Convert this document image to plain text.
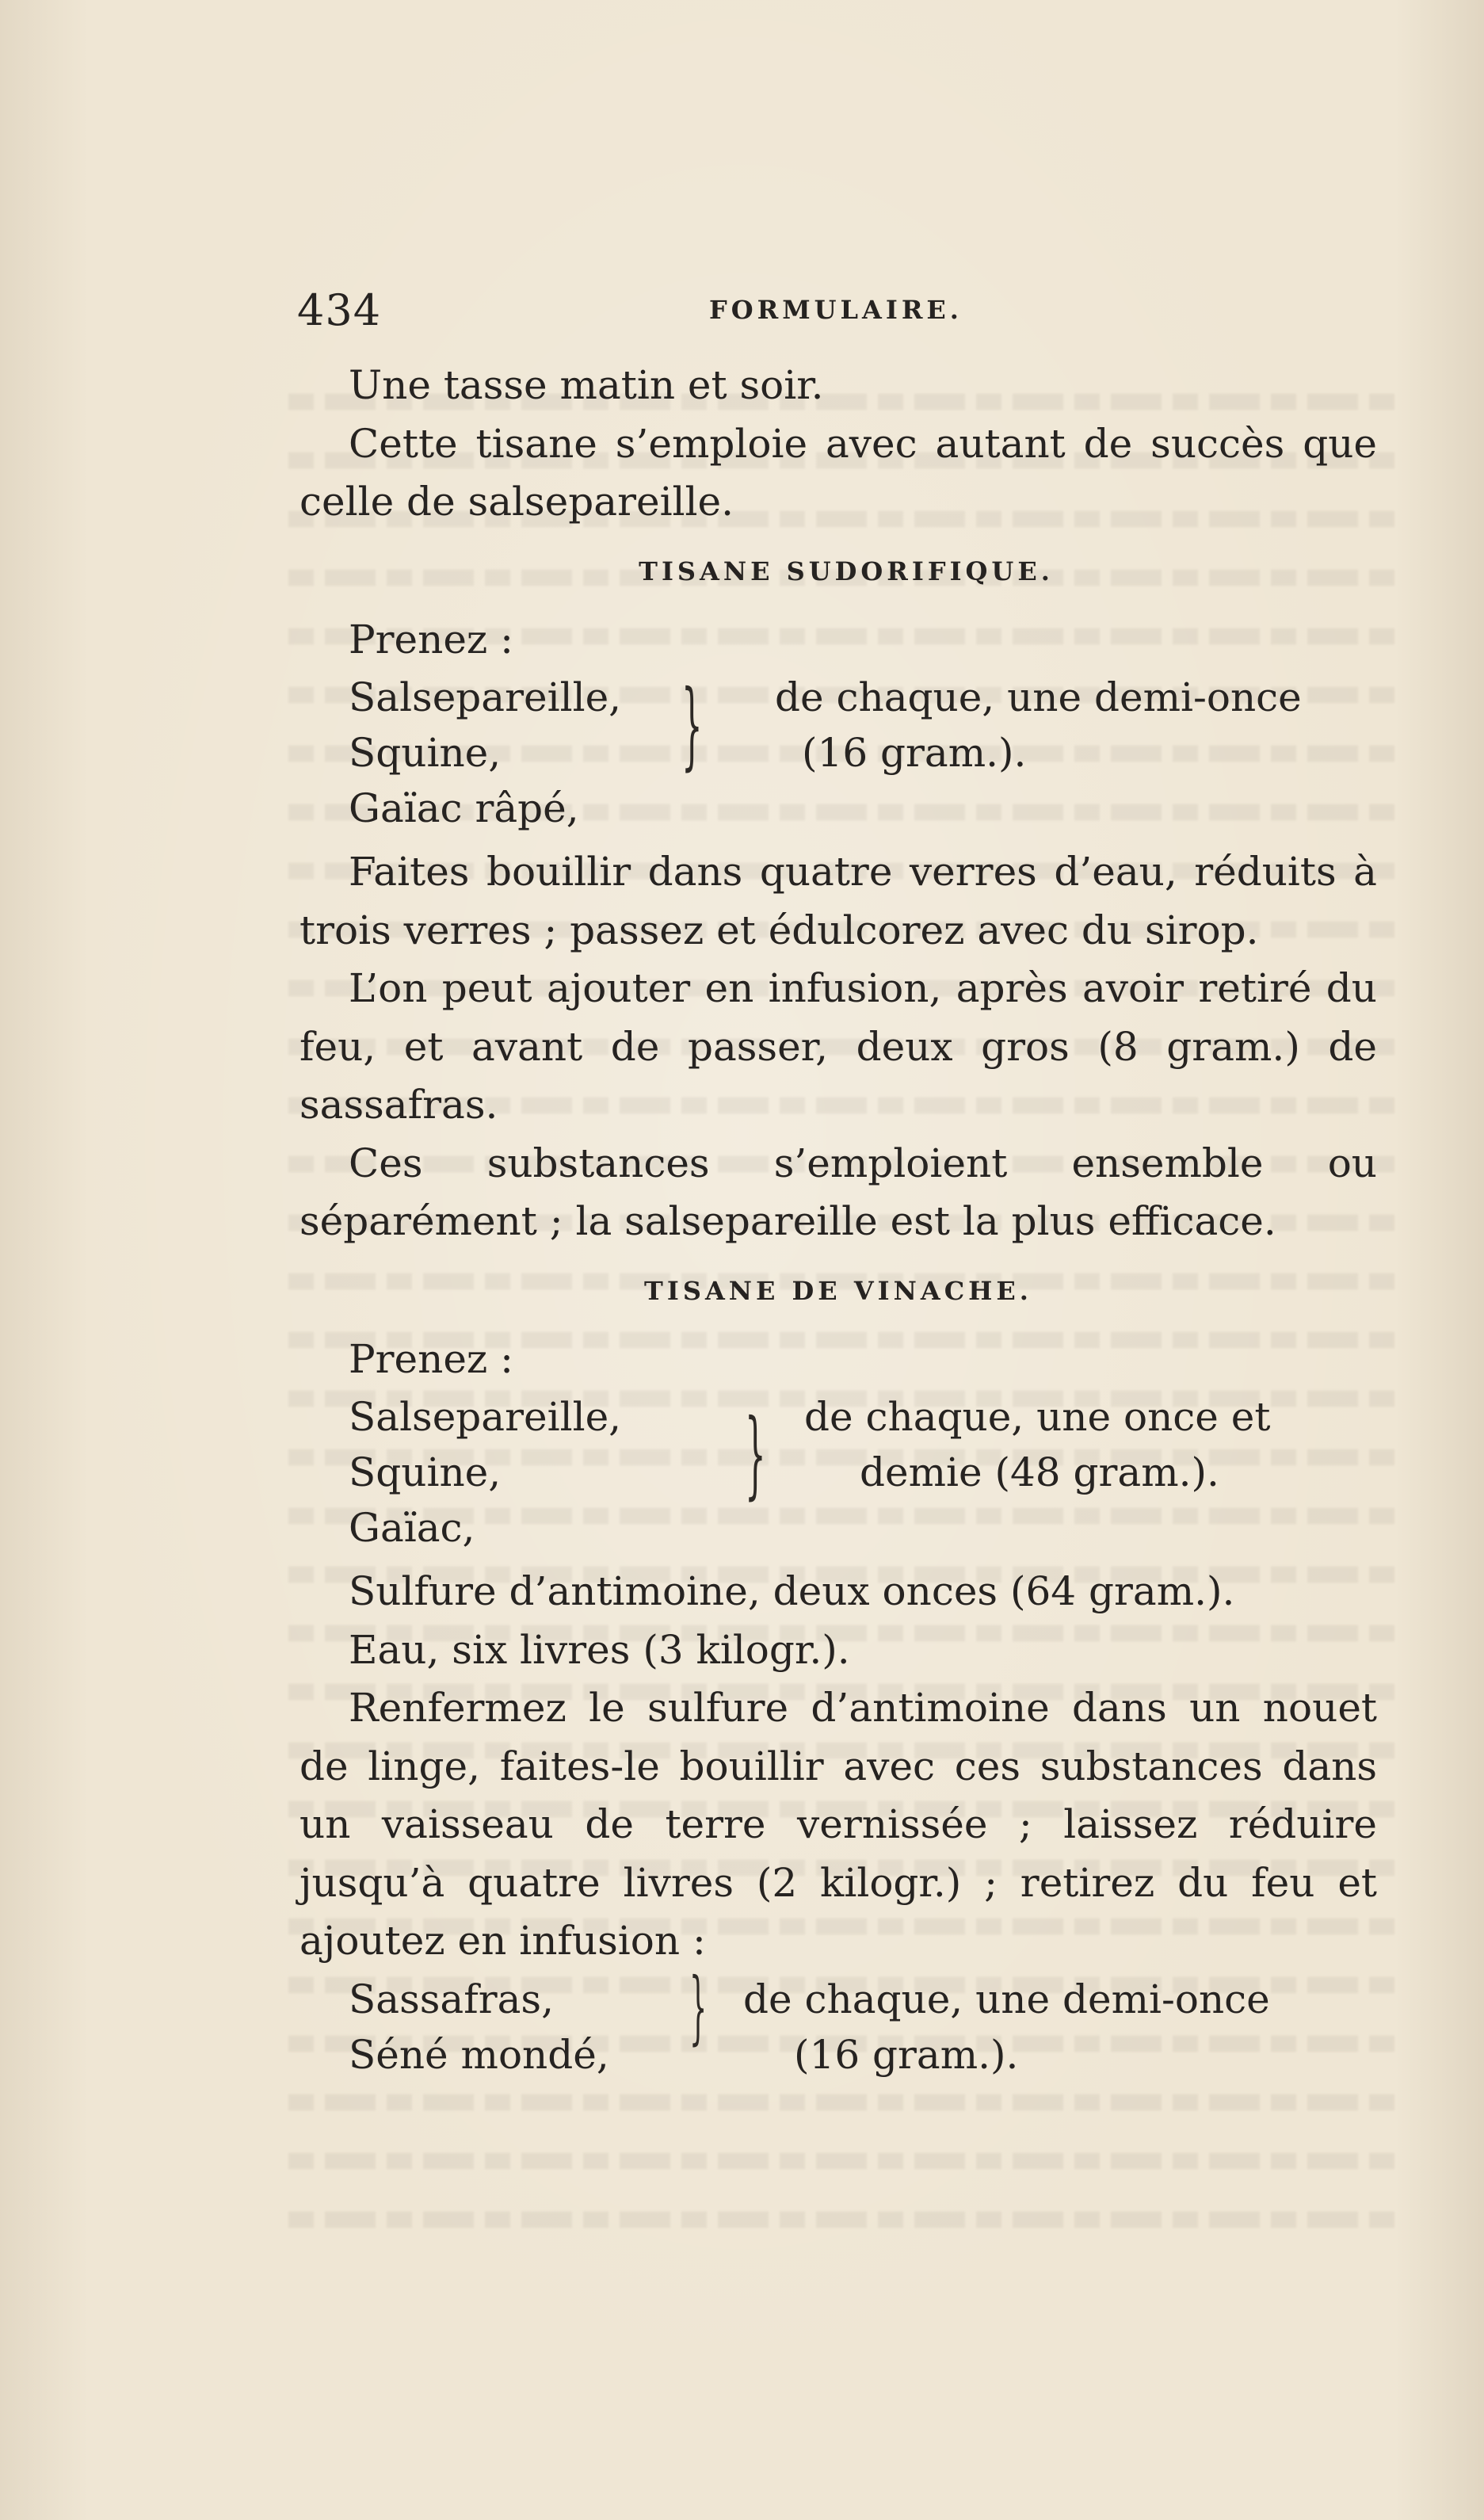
434	FORMULAIRE.

Une tasse matin et soir.

Cette tisane s’emploie avec autant de succès que celle de salsepareille.

TISANE SUDORIFIQUE.

Prenez :

Salsepareille,
Squine,
Gaïac râpé,
} de chaque, une demi-once
(16 gram.).

Faites bouillir dans quatre verres d’eau, réduits à trois verres ; passez et édulcorez avec du sirop.

L’on peut ajouter en infusion, après avoir retiré du feu, et avant de passer, deux gros (8 gram.) de sassafras.

Ces substances s’emploient ensemble ou séparément ; la salsepareille est la plus efficace.

TISANE DE VINACHE.

Prenez :

Salsepareille,
Squine,
Gaïac,
} de chaque, une once et
demie (48 gram.).

Sulfure d’antimoine, deux onces (64 gram.).

Eau, six livres (3 kilogr.).

Renfermez le sulfure d’antimoine dans un nouet de linge, faites-le bouillir avec ces substances dans un vaisseau de terre vernissée ; laissez réduire jusqu’à quatre livres (2 kilogr.) ; retirez du feu et ajoutez en infusion :

Sassafras,
Séné mondé,
} de chaque, une demi-once
(16 gram.).
